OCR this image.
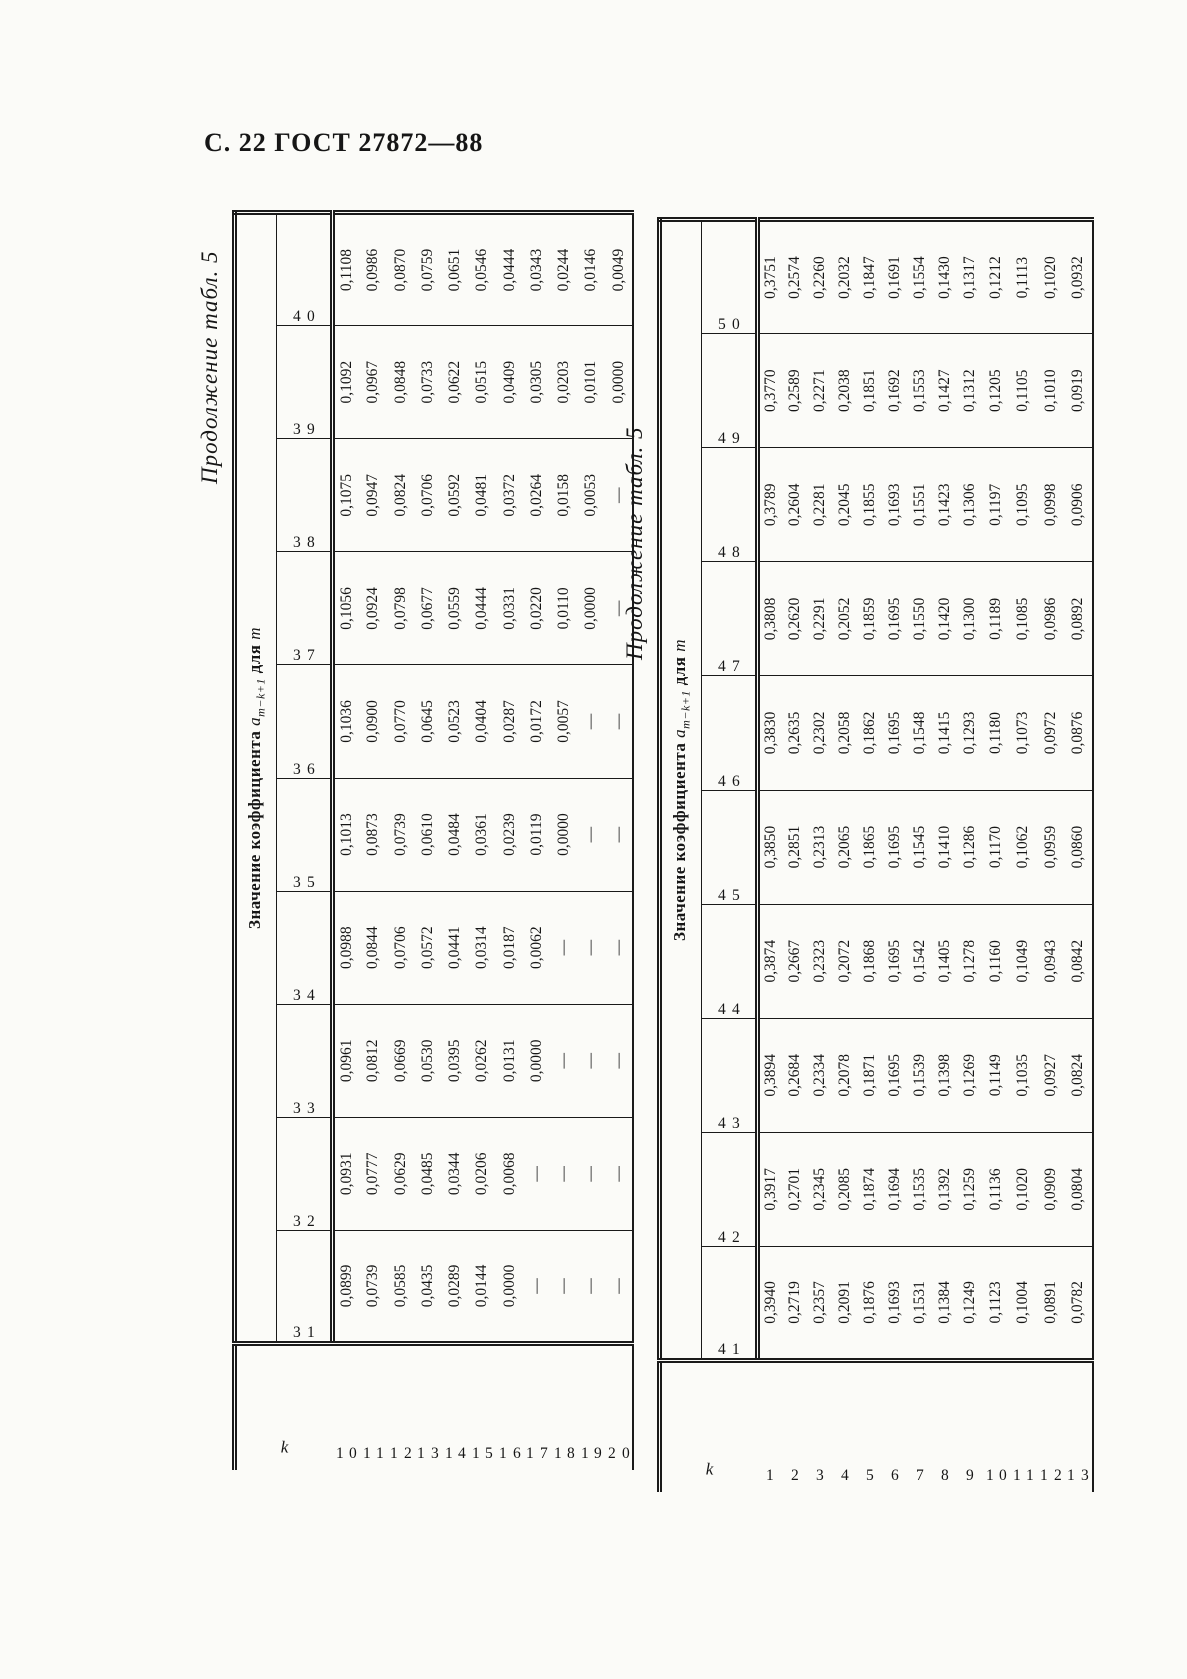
С. 22 ГОСТ 27872—88
Продолжение табл. 5
k	Значение коэффициента $a_{m-k+1}$ для m									

	3 1	3 2	3 3	3 4	3 5	3 6	3 7	3 8	3 9	4 0

1 0	0,0899	0,0931	0,0961	0,0988	0,1013	0,1036	0,1056	0,1075	0,1092	0,1108

1 1	0,0739	0,0777	0,0812	0,0844	0,0873	0,0900	0,0924	0,0947	0,0967	0,0986

1 2	0,0585	0,0629	0,0669	0,0706	0,0739	0,0770	0,0798	0,0824	0,0848	0,0870

1 3	0,0435	0,0485	0,0530	0,0572	0,0610	0,0645	0,0677	0,0706	0,0733	0,0759

1 4	0,0289	0,0344	0,0395	0,0441	0,0484	0,0523	0,0559	0,0592	0,0622	0,0651

1 5	0,0144	0,0206	0,0262	0,0314	0,0361	0,0404	0,0444	0,0481	0,0515	0,0546

1 6	0,0000	0,0068	0,0131	0,0187	0,0239	0,0287	0,0331	0,0372	0,0409	0,0444

1 7	—	—	0,0000	0,0062	0,0119	0,0172	0,0220	0,0264	0,0305	0,0343

1 8	—	—	—	—	0,0000	0,0057	0,0110	0,0158	0,0203	0,0244

1 9	—	—	—	—	—	—	0,0000	0,0053	0,0101	0,0146

2 0	—	—	—	—	—	—	—	—	0,0000	0,0049
Продолжение табл. 5
k	Значение коэффициента $a_{m-k+1}$ для m									

	4 1	4 2	4 3	4 4	4 5	4 6	4 7	4 8	4 9	5 0

1	0,3940	0,3917	0,3894	0,3874	0,3850	0,3830	0,3808	0,3789	0,3770	0,3751

2	0,2719	0,2701	0,2684	0,2667	0,2851	0,2635	0,2620	0,2604	0,2589	0,2574

3	0,2357	0,2345	0,2334	0,2323	0,2313	0,2302	0,2291	0,2281	0,2271	0,2260

4	0,2091	0,2085	0,2078	0,2072	0,2065	0,2058	0,2052	0,2045	0,2038	0,2032

5	0,1876	0,1874	0,1871	0,1868	0,1865	0,1862	0,1859	0,1855	0,1851	0,1847

6	0,1693	0,1694	0,1695	0,1695	0,1695	0,1695	0,1695	0,1693	0,1692	0,1691

7	0,1531	0,1535	0,1539	0,1542	0,1545	0,1548	0,1550	0,1551	0,1553	0,1554

8	0,1384	0,1392	0,1398	0,1405	0,1410	0,1415	0,1420	0,1423	0,1427	0,1430

9	0,1249	0,1259	0,1269	0,1278	0,1286	0,1293	0,1300	0,1306	0,1312	0,1317

1 0	0,1123	0,1136	0,1149	0,1160	0,1170	0,1180	0,1189	0,1197	0,1205	0,1212

1 1	0,1004	0,1020	0,1035	0,1049	0,1062	0,1073	0,1085	0,1095	0,1105	0,1113

1 2	0,0891	0,0909	0,0927	0,0943	0,0959	0,0972	0,0986	0,0998	0,1010	0,1020

1 3	0,0782	0,0804	0,0824	0,0842	0,0860	0,0876	0,0892	0,0906	0,0919	0,0932
